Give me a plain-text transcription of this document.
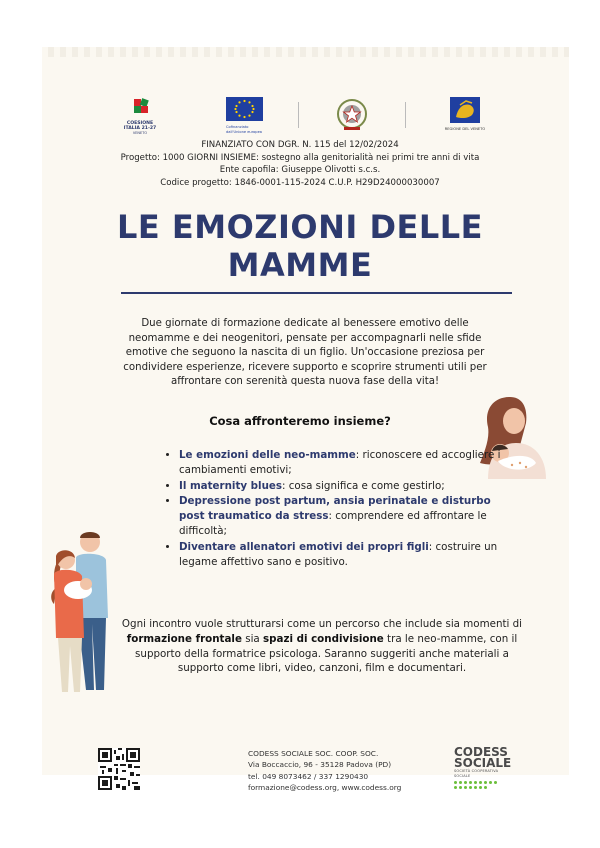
COESIONE ITALIA 21-27
VENETO
Cofinanziato dall'Unione europea
REGIONE DEL VENETO
FINANZIATO CON DGR. N. 115 del 12/02/2024
Progetto: 1000 GIORNI INSIEME: sostegno alla genitorialità nei primi tre anni di vita
Ente capofila: Giuseppe Olivotti s.c.s.
Codice progetto: 1846-0001-115-2024 C.U.P. H29D24000030007
LE EMOZIONI DELLE
MAMME
Due giornate di formazione dedicate al benessere emotivo delle neomamme e dei neogenitori, pensate per accompagnarli nelle sfide emotive che seguono la nascita di un figlio. Un'occasione preziosa per condividere esperienze, ricevere supporto e scoprire strumenti utili per affrontare con serenità questa nuova fase della vita!
Cosa affronteremo insieme?
• Le emozioni delle neo-mamme: riconoscere ed accogliere i cambiamenti emotivi;
• Il maternity blues: cosa significa e come gestirlo;
• Depressione post partum, ansia perinatale e disturbo post traumatico da stress: comprendere ed affrontare le difficoltà;
• Diventare allenatori emotivi dei propri figli: costruire un legame affettivo sano e positivo.
Ogni incontro vuole strutturarsi come un percorso che include sia momenti di formazione frontale sia spazi di condivisione tra le neo-mamme, con il supporto della formatrice psicologa. Saranno suggeriti anche materiali a supporto come libri, video, canzoni, film e documentari.
CODESS SOCIALE SOC. COOP. SOC.
Via Boccaccio, 96 - 35128 Padova (PD)
tel. 049 8073462 / 337 1290430
formazione@codess.org, www.codess.org
CODESS
SOCIALE
SOCIETÀ COOPERATIVA SOCIALE
